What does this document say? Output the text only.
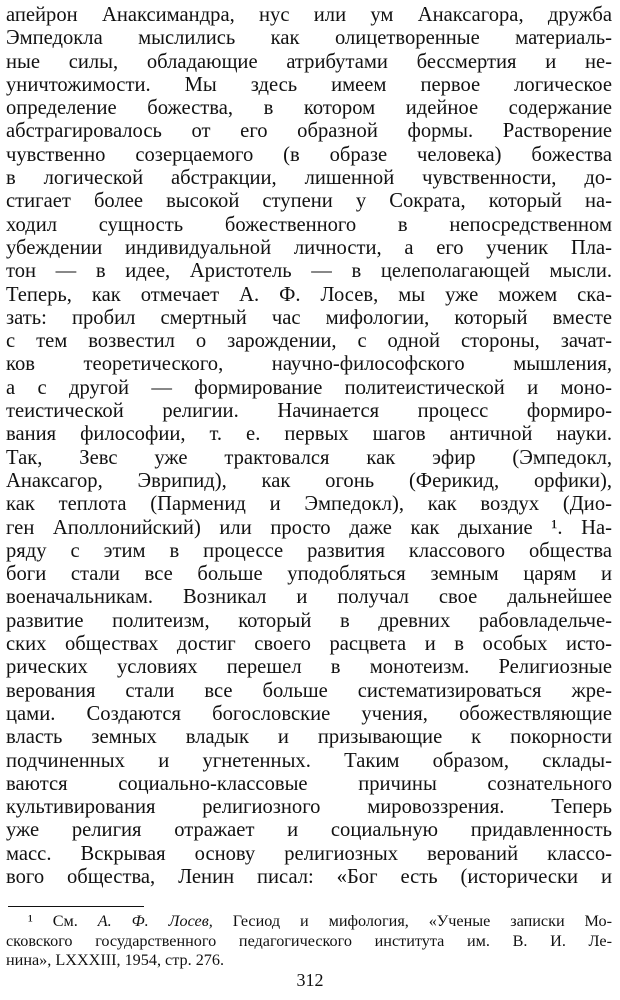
апейрон Анаксимандра, нус или ум Анаксагора, дружба
Эмпедокла мыслились как олицетворенные материаль-
ные силы, обладающие атрибутами бессмертия и не-
уничтожимости. Мы здесь имеем первое логическое
определение божества, в котором идейное содержание
абстрагировалось от его образной формы. Растворение
чувственно созерцаемого (в образе человека) божества
в логической абстракции, лишенной чувственности, до-
стигает более высокой ступени у Сократа, который на-
ходил сущность божественного в непосредственном
убеждении индивидуальной личности, а его ученик Пла-
тон — в идее, Аристотель — в целеполагающей мысли.
Теперь, как отмечает А. Ф. Лосев, мы уже можем ска-
зать: пробил смертный час мифологии, который вместе
с тем возвестил о зарождении, с одной стороны, зачат-
ков теоретического, научно-философского мышления,
а с другой — формирование политеистической и моно-
теистической религии. Начинается процесс формиро-
вания философии, т. е. первых шагов античной науки.
Так, Зевс уже трактовался как эфир (Эмпедокл,
Анаксагор, Эврипид), как огонь (Ферикид, орфики),
как теплота (Парменид и Эмпедокл), как воздух (Дио-
ген Аполлонийский) или просто даже как дыхание ¹. На-
ряду с этим в процессе развития классового общества
боги стали все больше уподобляться земным царям и
военачальникам. Возникал и получал свое дальнейшее
развитие политеизм, который в древних рабовладельче-
ских обществах достиг своего расцвета и в особых исто-
рических условиях перешел в монотеизм. Религиозные
верования стали все больше систематизироваться жре-
цами. Создаются богословские учения, обожествляющие
власть земных владык и призывающие к покорности
подчиненных и угнетенных. Таким образом, склады-
ваются социально-классовые причины сознательного
культивирования религиозного мировоззрения. Теперь
уже религия отражает и социальную придавленность
масс. Вскрывая основу религиозных верований классо-
вого общества, Ленин писал: «Бог есть (исторически и
¹ См. А. Ф. Лосев, Гесиод и мифология, «Ученые записки Мо-
сковского государственного педагогического института им. В. И. Ле-
нина», LXXXIII, 1954, стр. 276.
312
